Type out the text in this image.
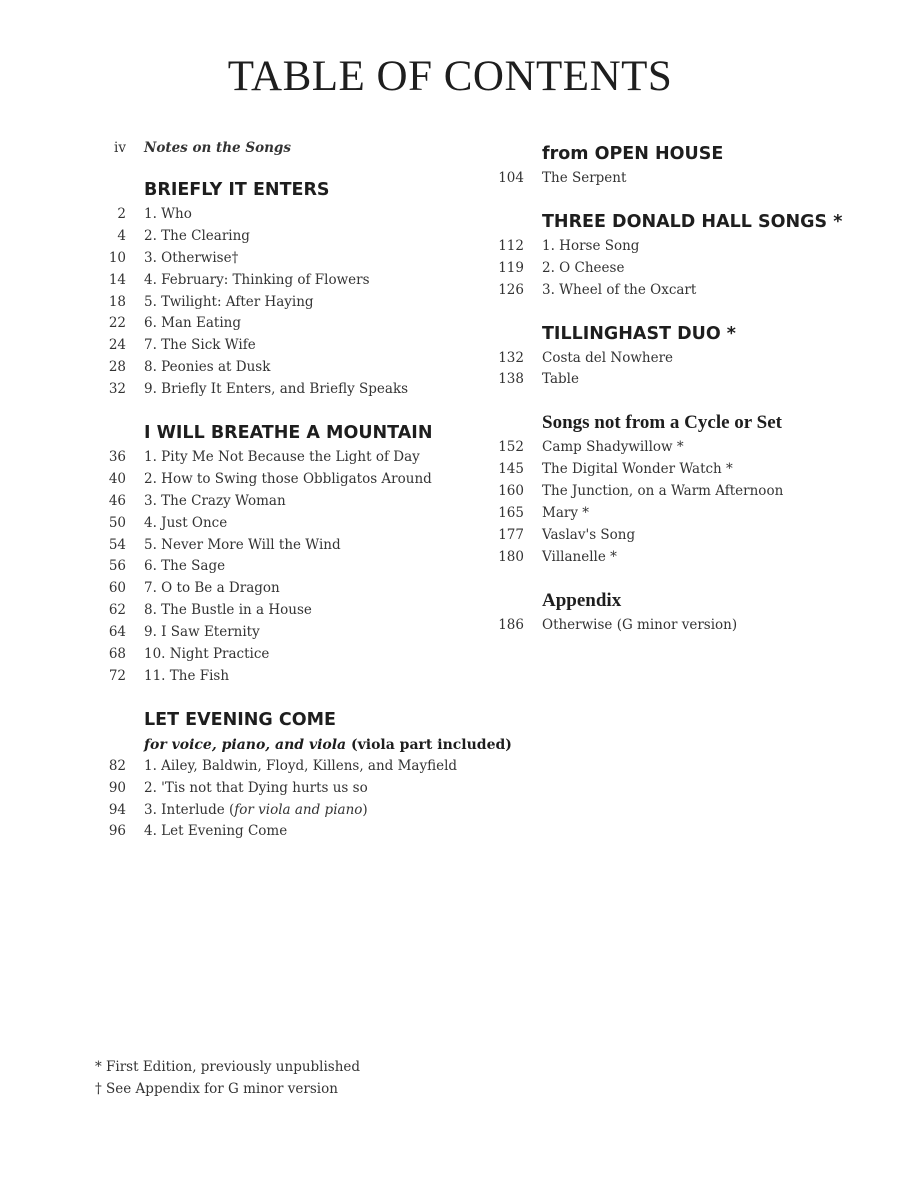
TABLE OF CONTENTS
iv Notes on the Songs
BRIEFLY IT ENTERS
2 1. Who
4 2. The Clearing
10 3. Otherwise†
14 4. February: Thinking of Flowers
18 5. Twilight: After Haying
22 6. Man Eating
24 7. The Sick Wife
28 8. Peonies at Dusk
32 9. Briefly It Enters, and Briefly Speaks
I WILL BREATHE A MOUNTAIN
36 1. Pity Me Not Because the Light of Day
40 2. How to Swing those Obbligatos Around
46 3. The Crazy Woman
50 4. Just Once
54 5. Never More Will the Wind
56 6. The Sage
60 7. O to Be a Dragon
62 8. The Bustle in a House
64 9. I Saw Eternity
68 10. Night Practice
72 11. The Fish
LET EVENING COME
for voice, piano, and viola (viola part included)
82 1. Ailey, Baldwin, Floyd, Killens, and Mayfield
90 2. 'Tis not that Dying hurts us so
94 3. Interlude (for viola and piano)
96 4. Let Evening Come
from OPEN HOUSE
104 The Serpent
THREE DONALD HALL SONGS *
112 1. Horse Song
119 2. O Cheese
126 3. Wheel of the Oxcart
TILLINGHAST DUO *
132 Costa del Nowhere
138 Table
Songs not from a Cycle or Set
152 Camp Shadywillow *
145 The Digital Wonder Watch *
160 The Junction, on a Warm Afternoon
165 Mary *
177 Vaslav's Song
180 Villanelle *
Appendix
186 Otherwise (G minor version)
* First Edition, previously unpublished
† See Appendix for G minor version
